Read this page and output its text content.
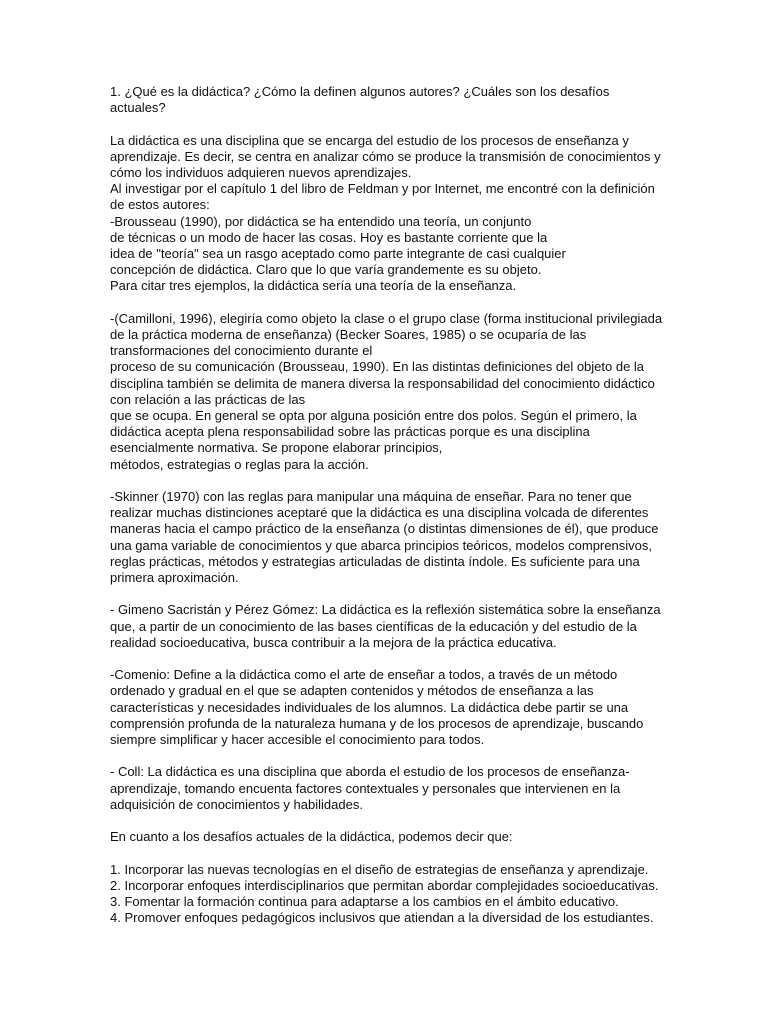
1. ¿Qué es la didáctica? ¿Cómo la definen algunos autores? ¿Cuáles son los desafíos
actuales?
La didáctica es una disciplina que se encarga del estudio de los procesos de enseñanza y
aprendizaje. Es decir, se centra en analizar cómo se produce la transmisión de conocimientos y
cómo los individuos adquieren nuevos aprendizajes.
Al investigar por el capítulo 1 del libro de Feldman y por Internet, me encontré con la definición
de estos autores:
-Brousseau (1990), por didáctica se ha entendido una teoría, un conjunto
de técnicas o un modo de hacer las cosas. Hoy es bastante corriente que la
idea de "teoría" sea un rasgo aceptado como parte integrante de casi cualquier
concepción de didáctica. Claro que lo que varía grandemente es su objeto.
Para citar tres ejemplos, la didáctica sería una teoría de la enseñanza.
-(Camilloni, 1996), elegiría como objeto la clase o el grupo clase (forma institucional privilegiada
de la práctica moderna de enseñanza) (Becker Soares, 1985) o se ocuparía de las
transformaciones del conocimiento durante el
proceso de su comunicación (Brousseau, 1990). En las distintas definiciones del objeto de la
disciplina también se delimita de manera diversa la responsabilidad del conocimiento didáctico
con relación a las prácticas de las
que se ocupa. En general se opta por alguna posición entre dos polos. Según el primero, la
didáctica acepta plena responsabilidad sobre las prácticas porque es una disciplina
esencialmente normativa. Se propone elaborar principios,
métodos, estrategias o reglas para la acción.
-Skinner (1970) con las reglas para manipular una máquina de enseñar. Para no tener que
realizar muchas distinciones aceptaré que la didáctica es una disciplina volcada de diferentes
maneras hacia el campo práctico de la enseñanza (o distintas dimensiones de él), que produce
una gama variable de conocimientos y que abarca principios teóricos, modelos comprensivos,
reglas prácticas, métodos y estrategias articuladas de distinta índole. Es suficiente para una
primera aproximación.
- Gimeno Sacristán y Pérez Gómez: La didáctica es la reflexión sistemática sobre la enseñanza
que, a partir de un conocimiento de las bases científicas de la educación y del estudio de la
realidad socioeducativa, busca contribuir a la mejora de la práctica educativa.
-Comenio: Define a la didáctica como el arte de enseñar a todos, a través de un método
ordenado y gradual en el que se adapten contenidos y métodos de enseñanza a las
características y necesidades individuales de los alumnos. La didáctica debe partir se una
comprensión profunda de la naturaleza humana y de los procesos de aprendizaje, buscando
siempre simplificar y hacer accesible el conocimiento para todos.
- Coll: La didáctica es una disciplina que aborda el estudio de los procesos de enseñanza-
aprendizaje, tomando encuenta factores contextuales y personales que intervienen en la
adquisición de conocimientos y habilidades.
En cuanto a los desafíos actuales de la didáctica, podemos decir que:
1. Incorporar las nuevas tecnologías en el diseño de estrategias de enseñanza y aprendizaje.
2. Incorporar enfoques interdisciplinarios que permitan abordar complejidades socioeducativas.
3. Fomentar la formación continua para adaptarse a los cambios en el ámbito educativo.
4. Promover enfoques pedagógicos inclusivos que atiendan a la diversidad de los estudiantes.
